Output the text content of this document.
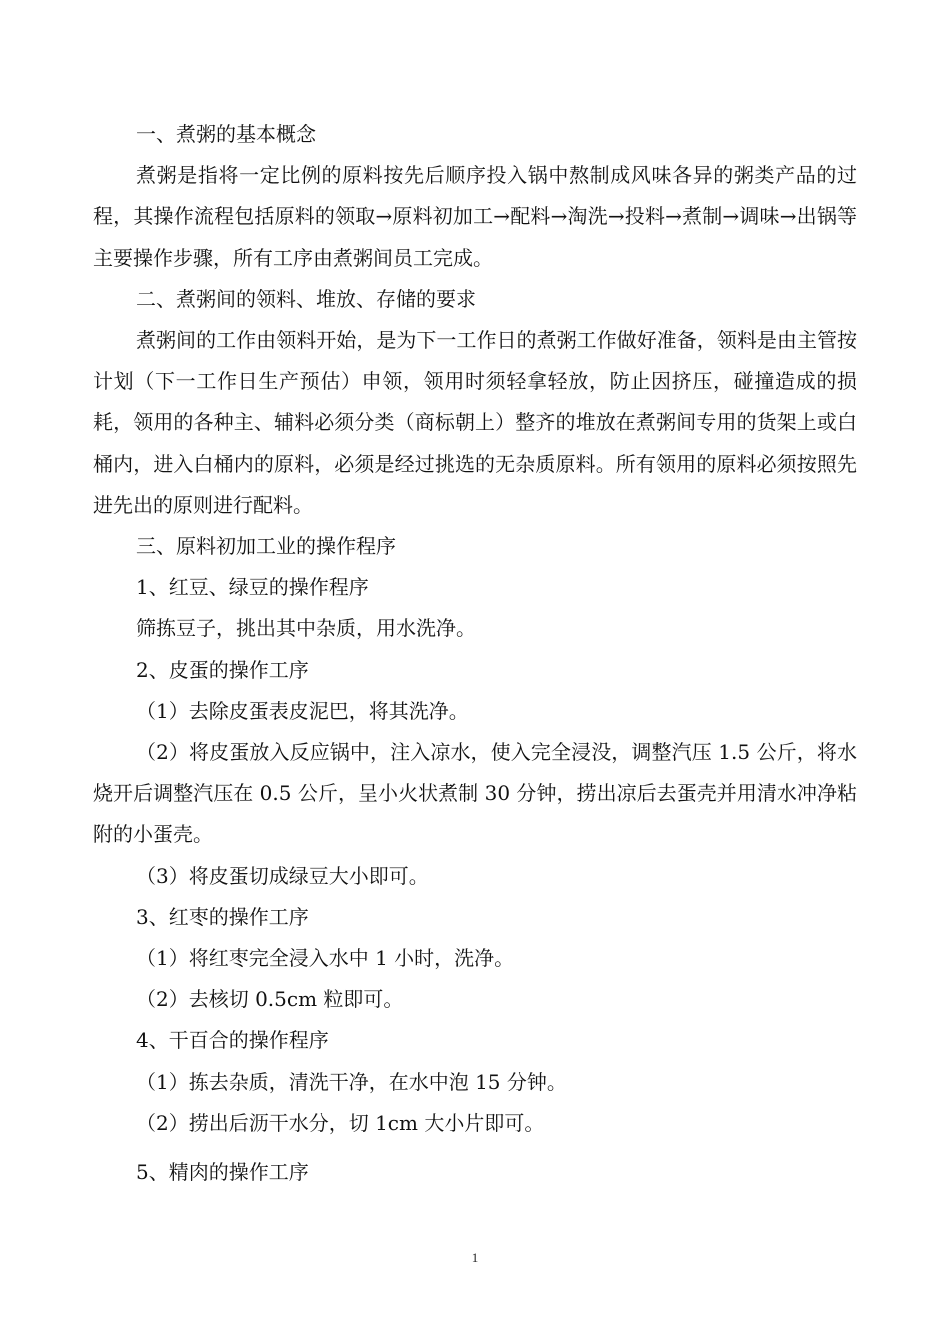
一、煮粥的基本概念

煮粥是指将一定比例的原料按先后顺序投入锅中熬制成风味各异的粥类产品的过程，其操作流程包括原料的领取→原料初加工→配料→淘洗→投料→煮制→调味→出锅等主要操作步骤，所有工序由煮粥间员工完成。

二、煮粥间的领料、堆放、存储的要求

煮粥间的工作由领料开始，是为下一工作日的煮粥工作做好准备，领料是由主管按计划（下一工作日生产预估）申领，领用时须轻拿轻放，防止因挤压，碰撞造成的损耗，领用的各种主、辅料必须分类（商标朝上）整齐的堆放在煮粥间专用的货架上或白桶内，进入白桶内的原料，必须是经过挑选的无杂质原料。所有领用的原料必须按照先进先出的原则进行配料。

三、原料初加工业的操作程序

1、红豆、绿豆的操作程序

筛拣豆子，挑出其中杂质，用水洗净。

2、皮蛋的操作工序

（1）去除皮蛋表皮泥巴，将其洗净。

（2）将皮蛋放入反应锅中，注入凉水，使入完全浸没，调整汽压 1.5 公斤，将水烧开后调整汽压在 0.5 公斤，呈小火状煮制 30 分钟，捞出凉后去蛋壳并用清水冲净粘附的小蛋壳。

（3）将皮蛋切成绿豆大小即可。

3、红枣的操作工序

（1）将红枣完全浸入水中 1 小时，洗净。

（2）去核切 0.5cm 粒即可。

4、干百合的操作程序

（1）拣去杂质，清洗干净，在水中泡 15 分钟。

（2）捞出后沥干水分，切 1cm 大小片即可。

5、精肉的操作工序

1
